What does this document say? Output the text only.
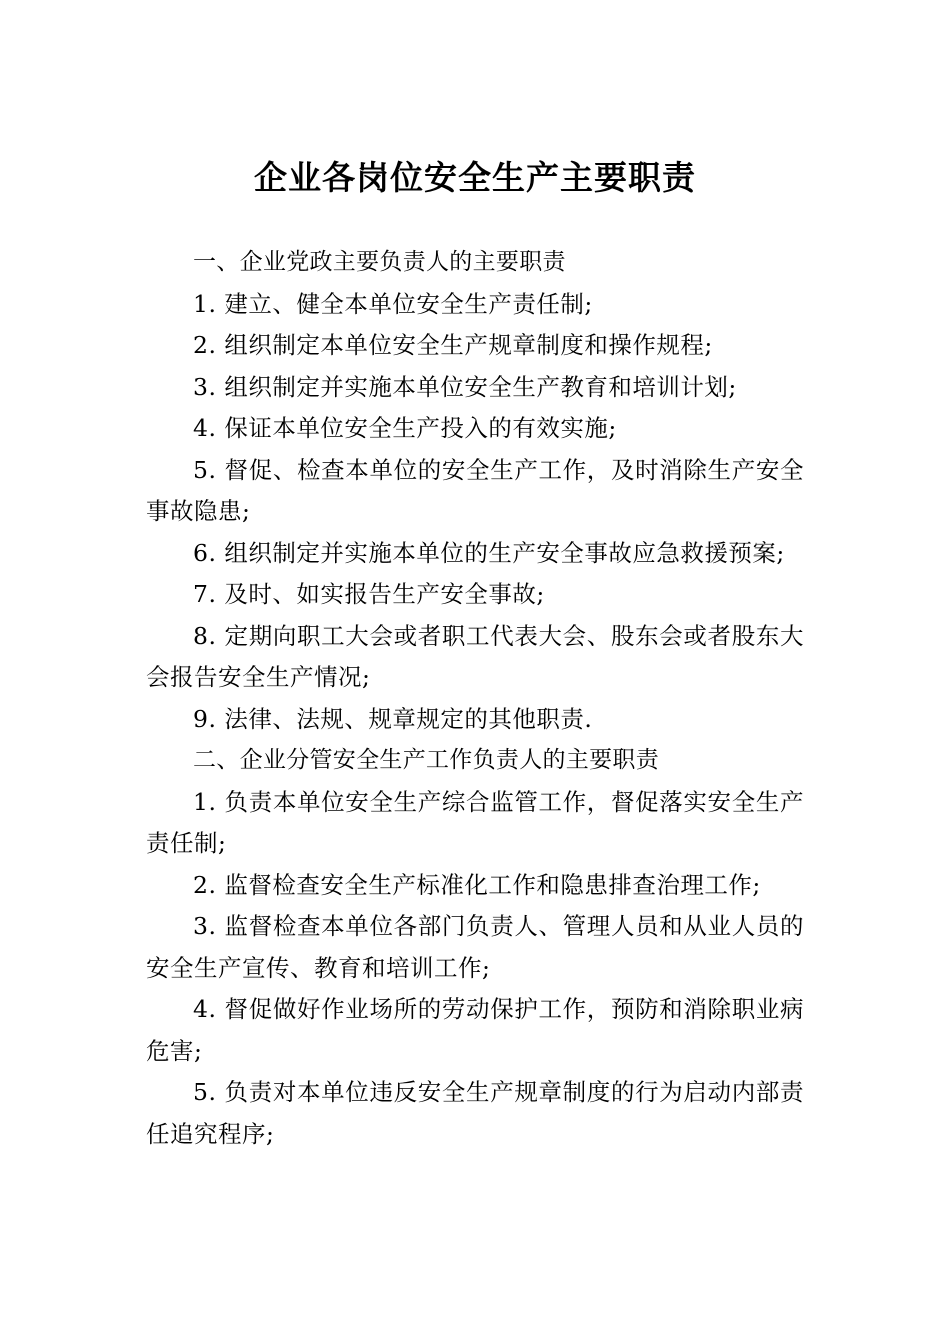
企业各岗位安全生产主要职责

一、企业党政主要负责人的主要职责

1. 建立、健全本单位安全生产责任制;

2. 组织制定本单位安全生产规章制度和操作规程;

3. 组织制定并实施本单位安全生产教育和培训计划;

4. 保证本单位安全生产投入的有效实施;

5. 督促、检查本单位的安全生产工作，及时消除生产安全事故隐患;

6. 组织制定并实施本单位的生产安全事故应急救援预案;

7. 及时、如实报告生产安全事故;

8. 定期向职工大会或者职工代表大会、股东会或者股东大会报告安全生产情况;

9. 法律、法规、规章规定的其他职责.

二、企业分管安全生产工作负责人的主要职责

1. 负责本单位安全生产综合监管工作，督促落实安全生产责任制;

2. 监督检查安全生产标准化工作和隐患排查治理工作;

3. 监督检查本单位各部门负责人、管理人员和从业人员的安全生产宣传、教育和培训工作;

4. 督促做好作业场所的劳动保护工作，预防和消除职业病危害;

5. 负责对本单位违反安全生产规章制度的行为启动内部责任追究程序;
